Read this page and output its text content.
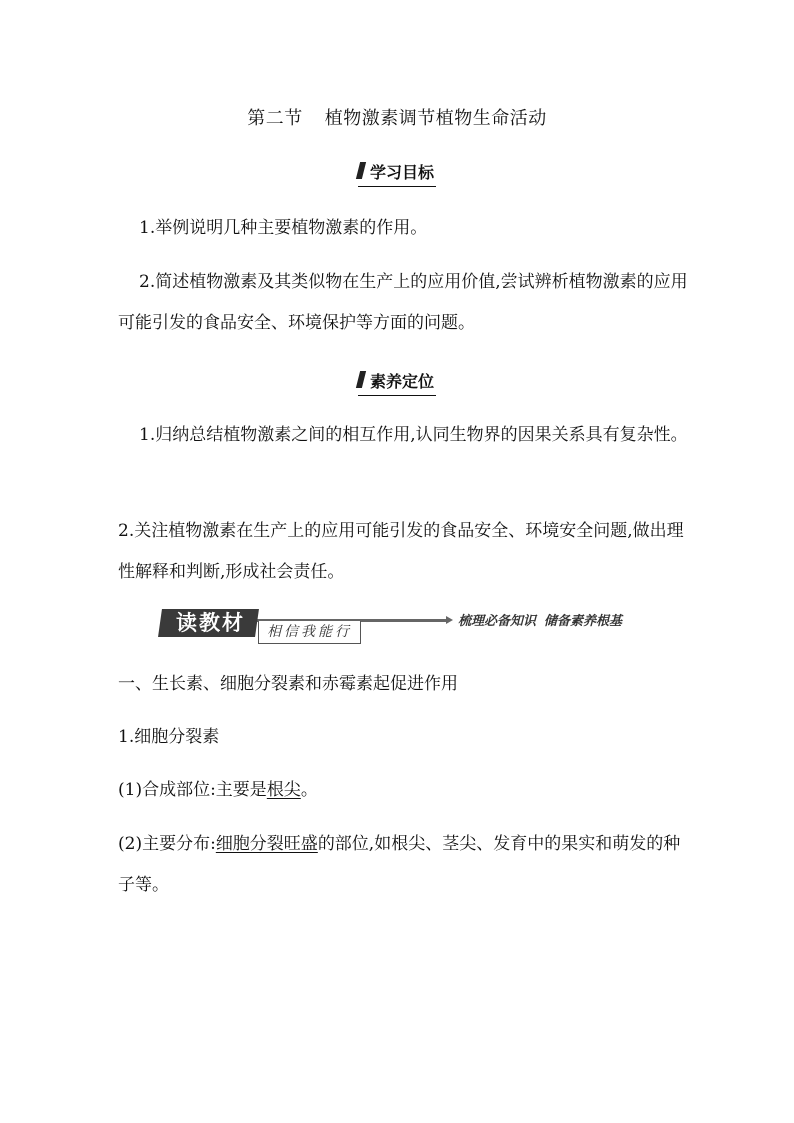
第二节 植物激素调节植物生命活动
学习目标

1.举例说明几种主要植物激素的作用。

2.简述植物激素及其类似物在生产上的应用价值,尝试辨析植物激素的应用可能引发的食品安全、环境保护等方面的问题。

素养定位

1.归纳总结植物激素之间的相互作用,认同生物界的因果关系具有复杂性。

2.关注植物激素在生产上的应用可能引发的食品安全、环境安全问题,做出理性解释和判断,形成社会责任。

读教材	相信我能行
梳理必备知识 储备素养根基

一、生长素、细胞分裂素和赤霉素起促进作用

1.细胞分裂素

(1)合成部位:主要是根尖。

(2)主要分布:细胞分裂旺盛的部位,如根尖、茎尖、发育中的果实和萌发的种子等。
